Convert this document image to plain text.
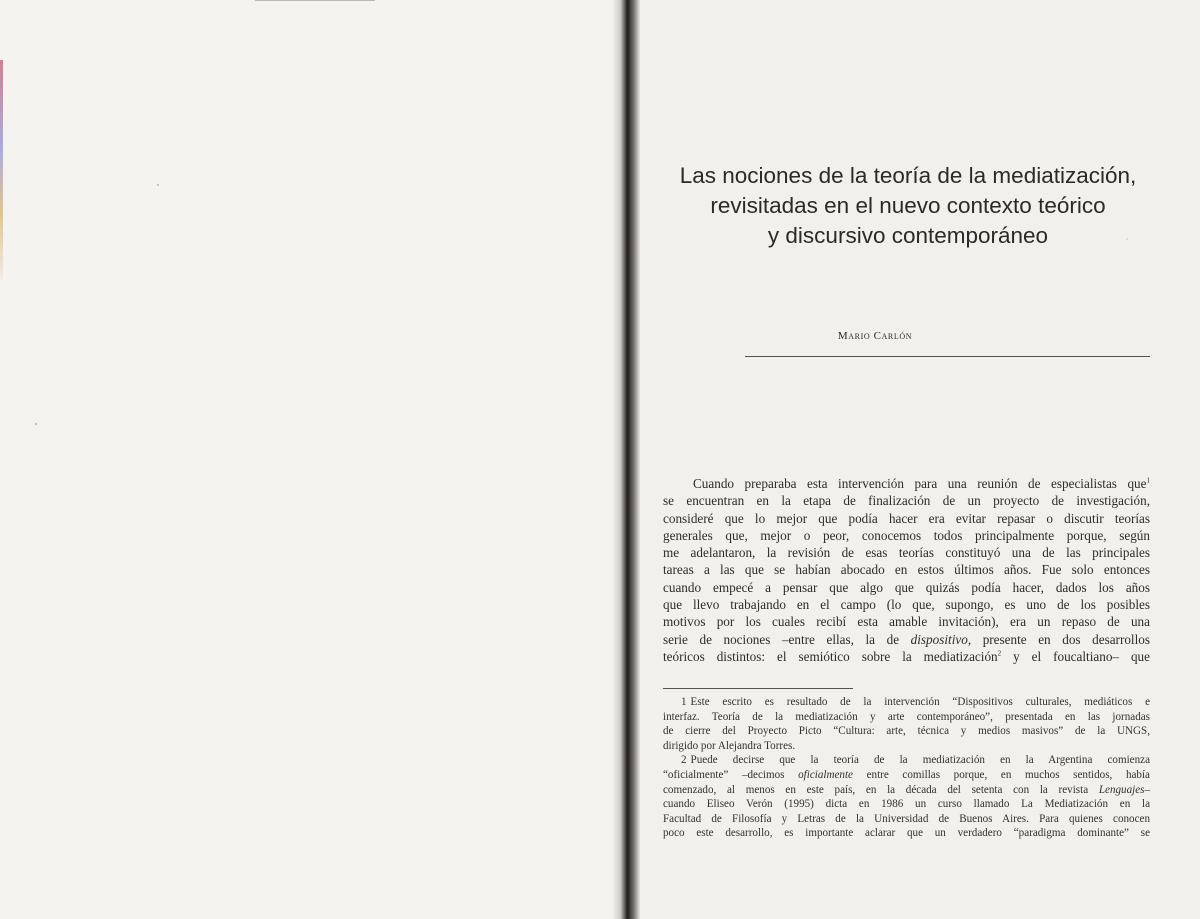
Las nociones de la teoría de la mediatización,
revisitadas en el nuevo contexto teórico
y discursivo contemporáneo
Mario Carlón
Cuando preparaba esta intervención para una reunión de especialistas que$^1$
se encuentran en la etapa de finalización de un proyecto de investigación,
consideré que lo mejor que podía hacer era evitar repasar o discutir teorías
generales que, mejor o peor, conocemos todos principalmente porque, según
me adelantaron, la revisión de esas teorías constituyó una de las principales
tareas a las que se habían abocado en estos últimos años. Fue solo entonces
cuando empecé a pensar que algo que quizás podía hacer, dados los años
que llevo trabajando en el campo (lo que, supongo, es uno de los posibles
motivos por los cuales recibí esta amable invitación), era un repaso de una
serie de nociones –entre ellas, la de dispositivo, presente en dos desarrollos
teóricos distintos: el semiótico sobre la mediatización$^2$ y el foucaltiano– que
1 Este escrito es resultado de la intervención “Dispositivos culturales, mediáticos e
interfaz. Teoría de la mediatización y arte contemporáneo”, presentada en las jornadas
de cierre del Proyecto Picto “Cultura: arte, técnica y medios masivos” de la UNGS,
dirigido por Alejandra Torres.
2 Puede decirse que la teoría de la mediatización en la Argentina comienza
“oficialmente” –decimos oficialmente entre comillas porque, en muchos sentidos, había
comenzado, al menos en este país, en la década del setenta con la revista Lenguajes–
cuando Eliseo Verón (1995) dicta en 1986 un curso llamado La Mediatización en la
Facultad de Filosofía y Letras de la Universidad de Buenos Aires. Para quienes conocen
poco este desarrollo, es importante aclarar que un verdadero “paradigma dominante” se
